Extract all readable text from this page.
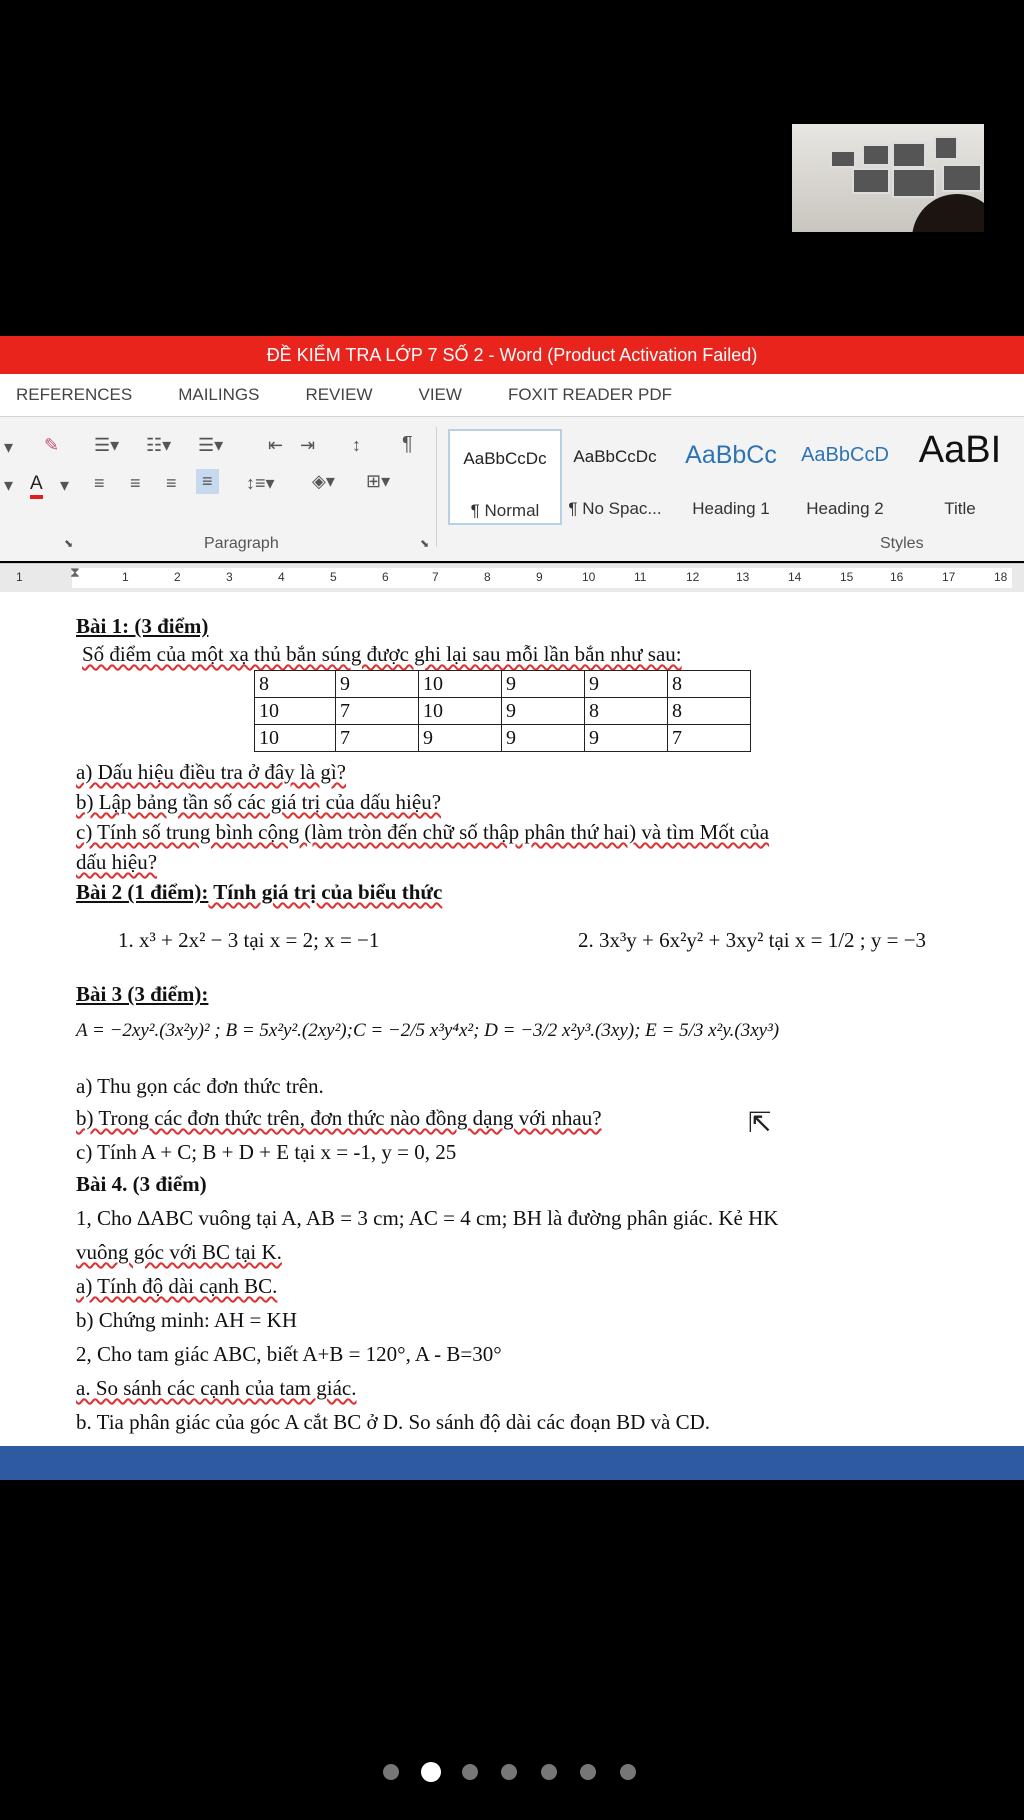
ĐỀ KIỂM TRA LỚP 7 SỐ 2 - Word (Product Activation Failed)
REFERENCES	MAILINGS	REVIEW	VIEW	FOXIT READER PDF
▾ ✎ ☰▾ ☷▾ ☰▾ ⇤ ⇥ ↕ ¶
▾ A ▾ ≡ ≡ ≡	≡	↕≡▾ ◈▾ ⊞▾
⬊	Paragraph	⬊
AaBbCcDc
¶ Normal
AaBbCcDc
¶ No Spac...
AaBbCc
Heading 1
AaBbCcD
Heading 2
AaBI
Title
Styles
1	⧗	1	2	3	4	5	6	7	8	9	10	11	12	13	14	15	16	17	18
Bài 1: (3 điểm)
Số điểm của một xạ thủ bắn súng được ghi lại sau mỗi lần bắn như sau:
8	9	10	9	9	8
10	7	10	9	8	8
10	7	9	9	9	7
a) Dấu hiệu điều tra ở đây là gì?
b) Lập bảng tần số các giá trị của dấu hiệu?
c) Tính số trung bình cộng (làm tròn đến chữ số thập phân thứ hai) và tìm Mốt của
dấu hiệu?
Bài 2 (1 điểm): Tính giá trị của biểu thức
1. x³ + 2x² − 3 tại x = 2; x = −1	2. 3x³y + 6x²y² + 3xy² tại x = 1/2 ; y = −3
Bài 3 (3 điểm):
A = −2xy².(3x²y)² ; B = 5x²y².(2xy²);C = −2/5 x³y⁴x²; D = −3/2 x²y³.(3xy); E = 5/3 x²y.(3xy³)
a) Thu gọn các đơn thức trên.
b) Trong các đơn thức trên, đơn thức nào đồng dạng với nhau?
c) Tính A + C; B + D + E tại x = -1, y = 0, 25
Bài 4. (3 điểm)
1, Cho ∆ABC vuông tại A, AB = 3 cm; AC = 4 cm; BH là đường phân giác. Kẻ HK
vuông góc với BC tại K.
a) Tính độ dài cạnh BC.
b) Chứng minh: AH = KH
2, Cho tam giác ABC, biết A+B = 120°, A - B=30°
a. So sánh các cạnh của tam giác.
b. Tia phân giác của góc A cắt BC ở D. So sánh độ dài các đoạn BD và CD.
⇱
